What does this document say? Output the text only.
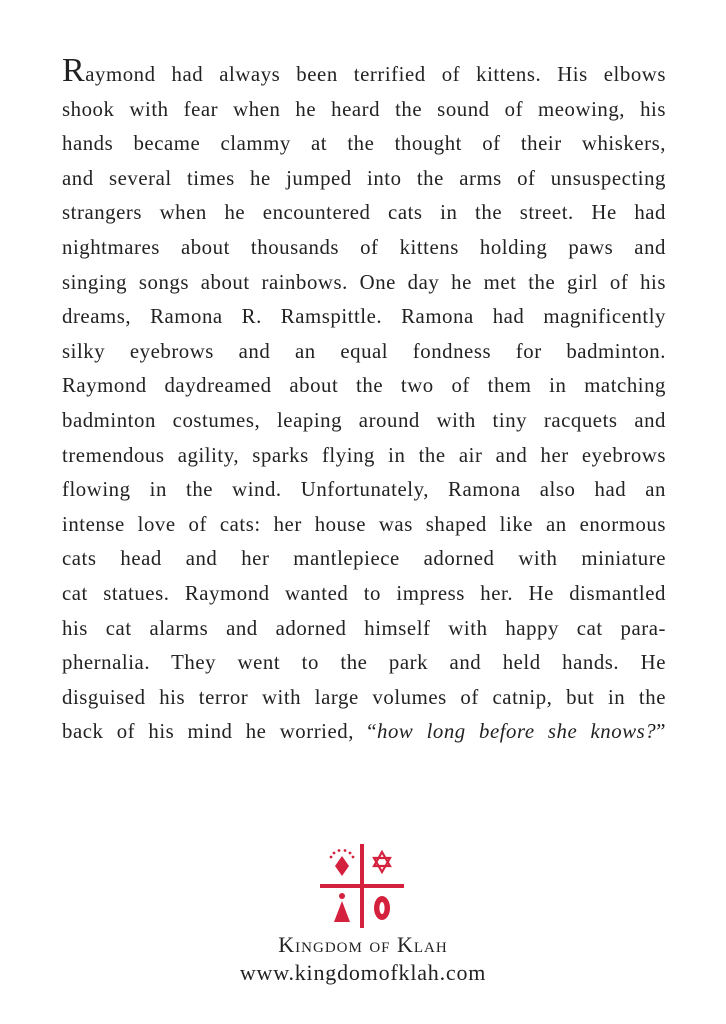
Raymond had always been terrified of kittens. His elbows
shook with fear when he heard the sound of meowing, his
hands became clammy at the thought of their whiskers,
and several times he jumped into the arms of unsuspecting
strangers when he encountered cats in the street. He had
nightmares about thousands of kittens holding paws and
singing songs about rainbows. One day he met the girl of his
dreams, Ramona R. Ramspittle. Ramona had magnificently
silky eyebrows and an equal fondness for badminton.
Raymond daydreamed about the two of them in matching
badminton costumes, leaping around with tiny racquets and
tremendous agility, sparks flying in the air and her eyebrows
flowing in the wind. Unfortunately, Ramona also had an
intense love of cats: her house was shaped like an enormous
cats head and her mantlepiece adorned with miniature
cat statues. Raymond wanted to impress her. He dismantled
his cat alarms and adorned himself with happy cat para-
phernalia. They went to the park and held hands. He
disguised his terror with large volumes of catnip, but in the
back of his mind he worried, “how long before she knows?”
Kingdom of Klah
www.kingdomofklah.com
